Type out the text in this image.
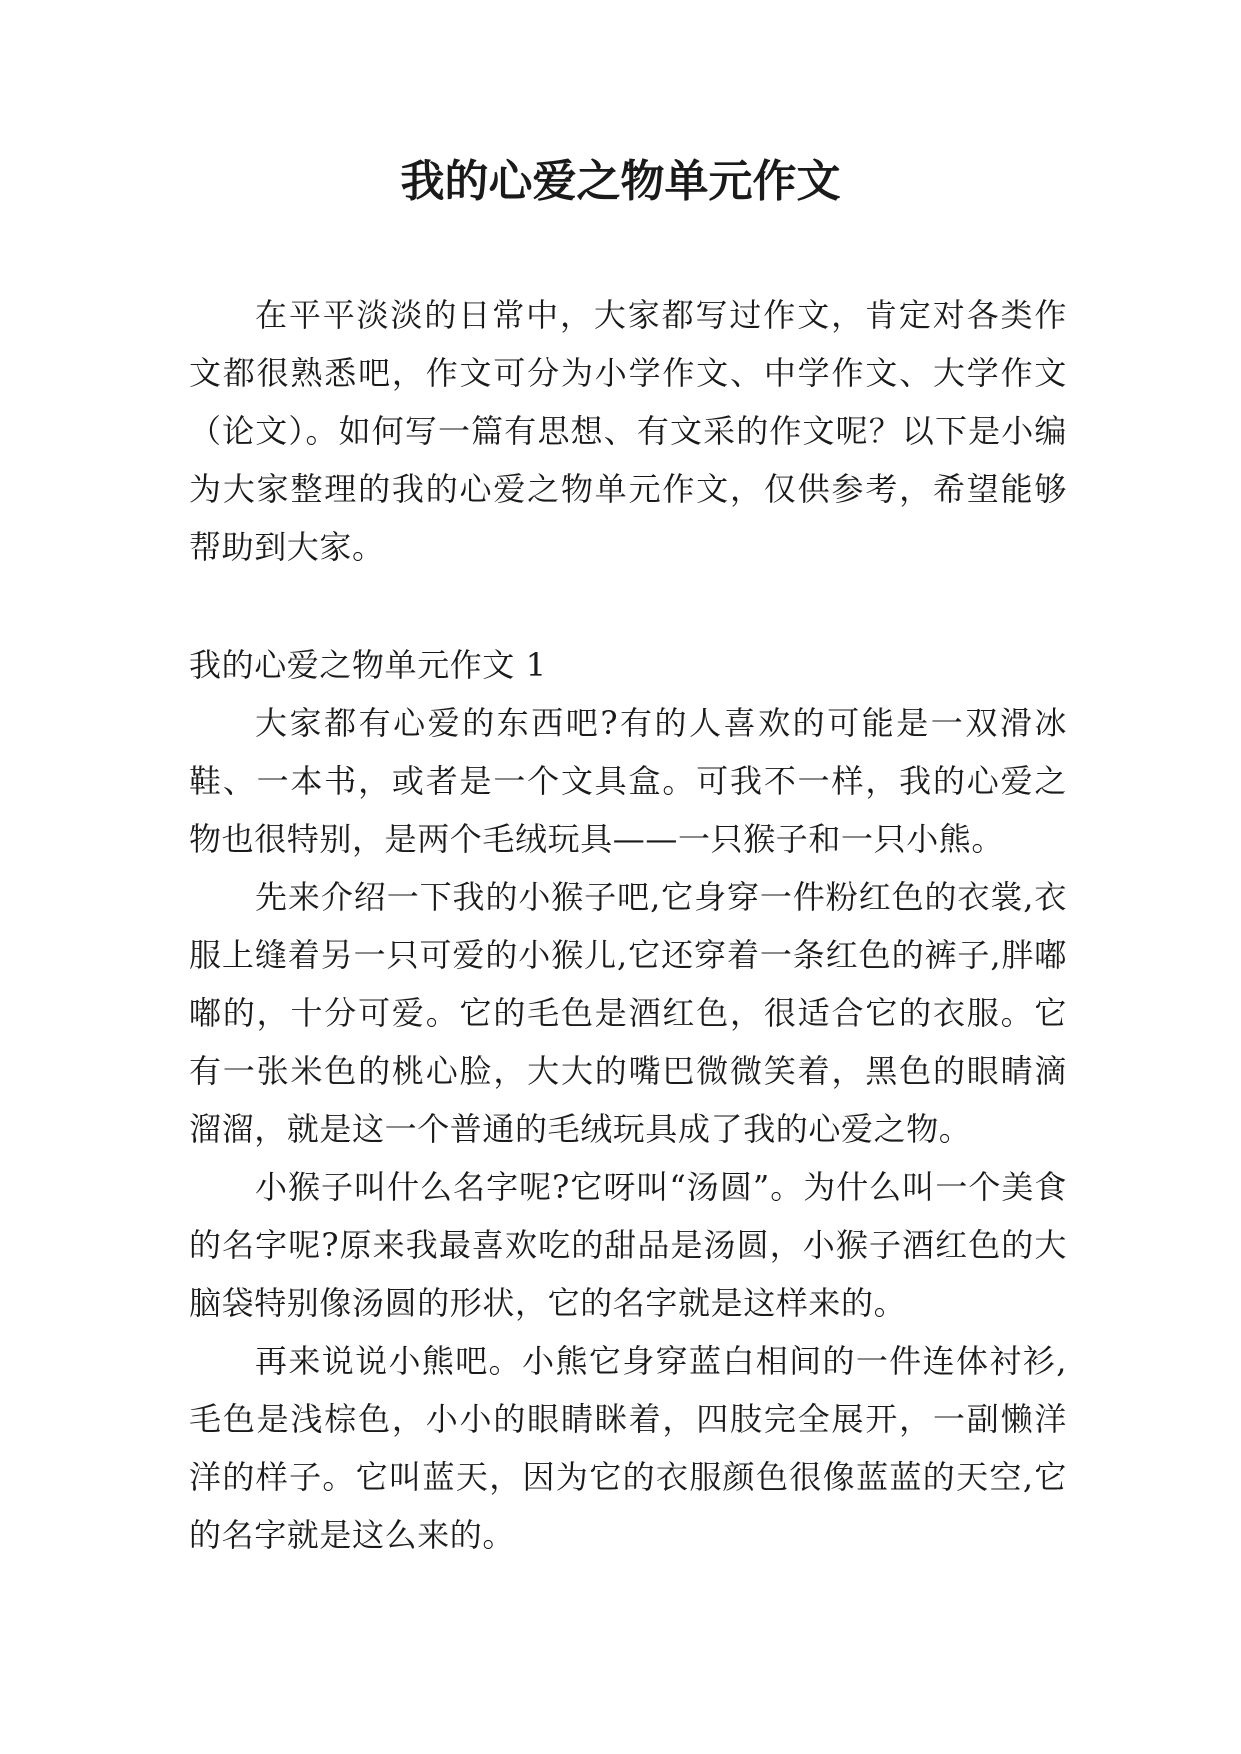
我的心爱之物单元作文

在平平淡淡的日常中，大家都写过作文，肯定对各类作文都很熟悉吧，作文可分为小学作文、中学作文、大学作文（论文）。如何写一篇有思想、有文采的作文呢？以下是小编为大家整理的我的心爱之物单元作文，仅供参考，希望能够帮助到大家。

我的心爱之物单元作文 1

大家都有心爱的东西吧?有的人喜欢的可能是一双滑冰鞋、一本书，或者是一个文具盒。可我不一样，我的心爱之物也很特别，是两个毛绒玩具——一只猴子和一只小熊。

先来介绍一下我的小猴子吧,它身穿一件粉红色的衣裳,衣服上缝着另一只可爱的小猴儿,它还穿着一条红色的裤子,胖嘟嘟的，十分可爱。它的毛色是酒红色，很适合它的衣服。它有一张米色的桃心脸，大大的嘴巴微微笑着，黑色的眼睛滴溜溜，就是这一个普通的毛绒玩具成了我的心爱之物。

小猴子叫什么名字呢?它呀叫“汤圆”。为什么叫一个美食的名字呢?原来我最喜欢吃的甜品是汤圆，小猴子酒红色的大脑袋特别像汤圆的形状，它的名字就是这样来的。

再来说说小熊吧。小熊它身穿蓝白相间的一件连体衬衫,毛色是浅棕色，小小的眼睛眯着，四肢完全展开，一副懒洋洋的样子。它叫蓝天，因为它的衣服颜色很像蓝蓝的天空,它的名字就是这么来的。
